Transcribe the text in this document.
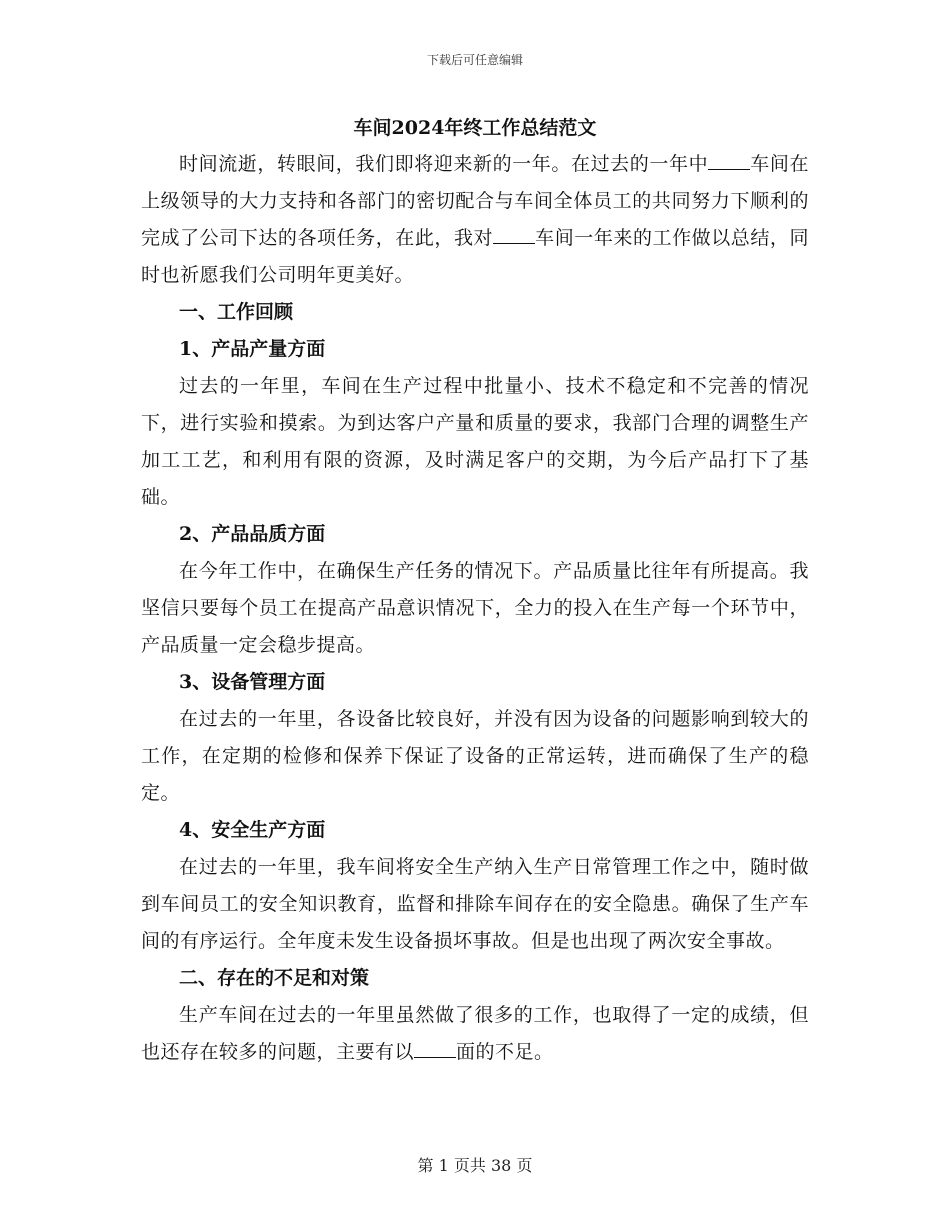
下载后可任意编辑
车间2024年终工作总结范文

时间流逝，转眼间，我们即将迎来新的一年。在过去的一年中 车间在上级领导的大力支持和各部门的密切配合与车间全体员工的共同努力下顺利的完成了公司下达的各项任务，在此，我对 车间一年来的工作做以总结，同时也祈愿我们公司明年更美好。

一、工作回顾

1、产品产量方面

过去的一年里，车间在生产过程中批量小、技术不稳定和不完善的情况下，进行实验和摸索。为到达客户产量和质量的要求，我部门合理的调整生产加工工艺，和利用有限的资源，及时满足客户的交期，为今后产品打下了基础。

2、产品品质方面

在今年工作中，在确保生产任务的情况下。产品质量比往年有所提高。我坚信只要每个员工在提高产品意识情况下，全力的投入在生产每一个环节中，产品质量一定会稳步提高。

3、设备管理方面

在过去的一年里，各设备比较良好，并没有因为设备的问题影响到较大的工作，在定期的检修和保养下保证了设备的正常运转，进而确保了生产的稳定。

4、安全生产方面

在过去的一年里，我车间将安全生产纳入生产日常管理工作之中，随时做到车间员工的安全知识教育，监督和排除车间存在的安全隐患。确保了生产车间的有序运行。全年度未发生设备损坏事故。但是也出现了两次安全事故。

二、存在的不足和对策

生产车间在过去的一年里虽然做了很多的工作，也取得了一定的成绩，但也还存在较多的问题，主要有以 面的不足。

第 1 页共 38 页
